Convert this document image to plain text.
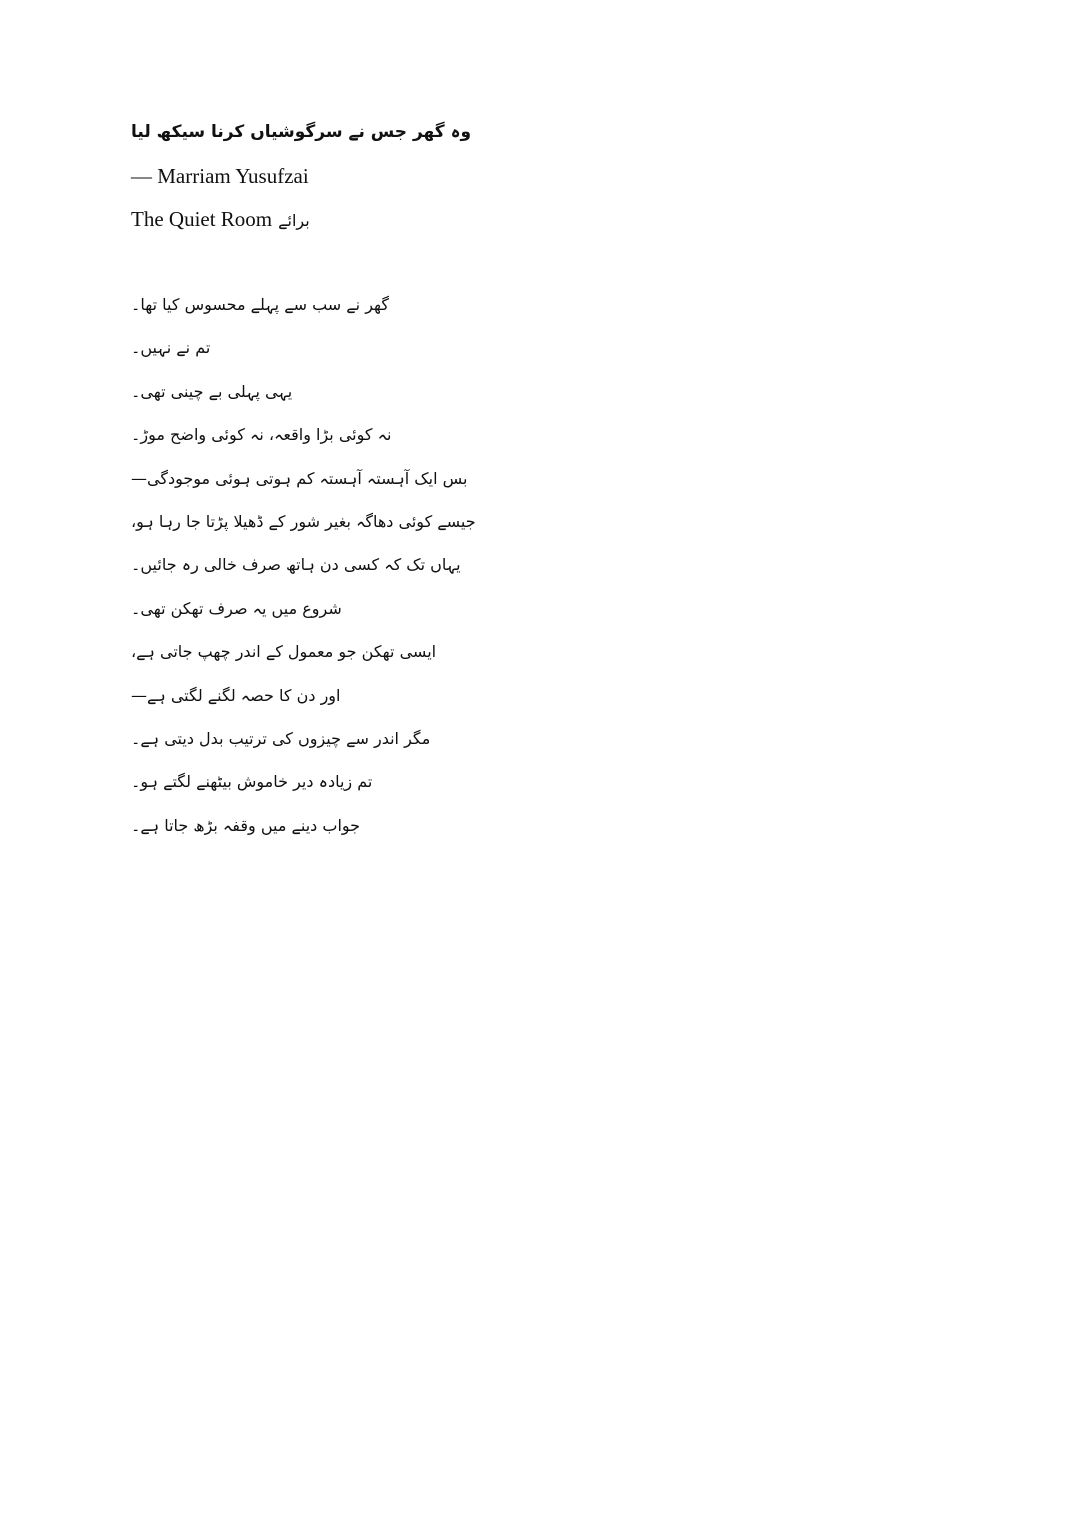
وہ گھر جس نے سرگوشیاں کرنا سیکھ لیا
— Marriam Yusufzai
The Quiet Room برائے
گھر نے سب سے پہلے محسوس کیا تھا۔
تم نے نہیں۔
یہی پہلی بے چینی تھی۔
نہ کوئی بڑا واقعہ، نہ کوئی واضح موڑ۔
بس ایک آہستہ آہستہ کم ہوتی ہوئی موجودگی—
جیسے کوئی دھاگہ بغیر شور کے ڈھیلا پڑتا جا رہا ہو،
یہاں تک کہ کسی دن ہاتھ صرف خالی رہ جائیں۔
شروع میں یہ صرف تھکن تھی۔
ایسی تھکن جو معمول کے اندر چھپ جاتی ہے،
اور دن کا حصہ لگنے لگتی ہے—
مگر اندر سے چیزوں کی ترتیب بدل دیتی ہے۔
تم زیادہ دیر خاموش بیٹھنے لگتے ہو۔
جواب دینے میں وقفہ بڑھ جاتا ہے۔
